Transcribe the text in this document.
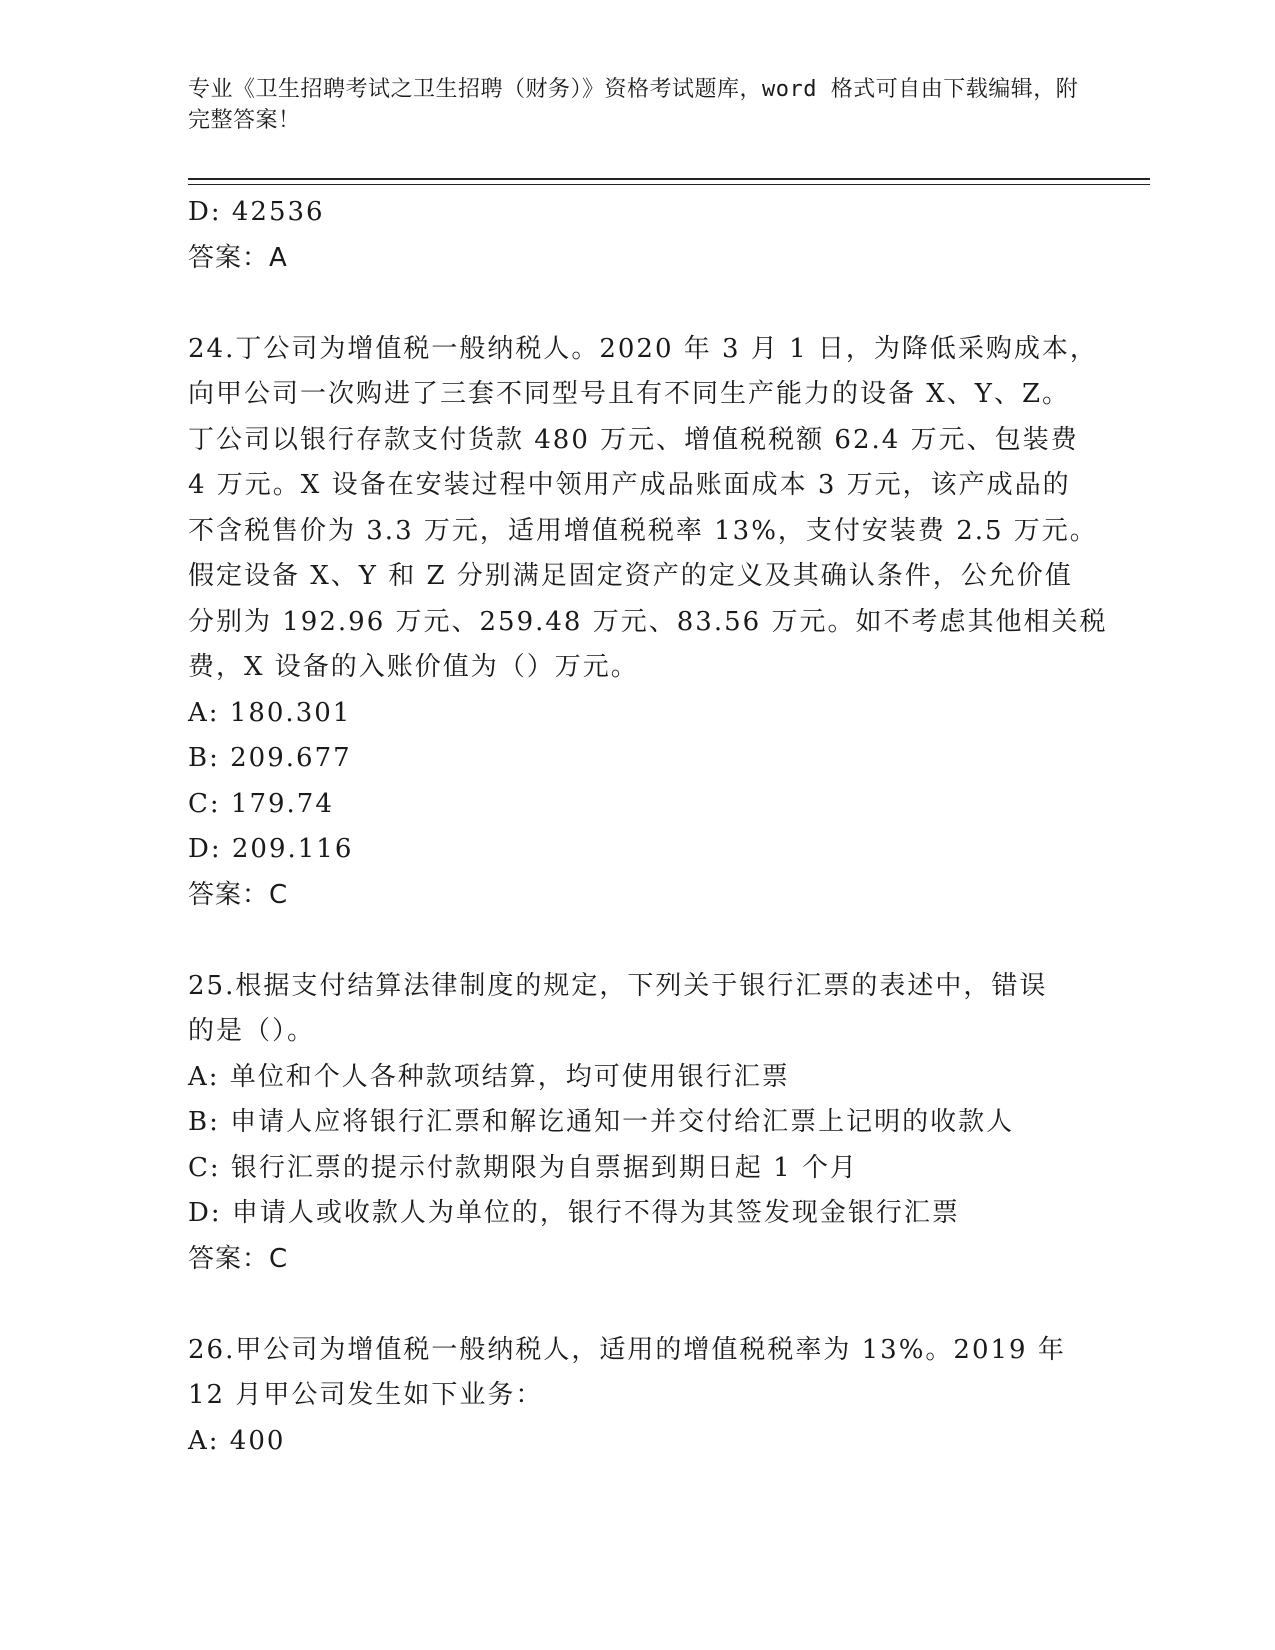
专业《卫生招聘考试之卫生招聘（财务）》资格考试题库，word 格式可自由下载编辑，附完整答案！
D: 42536
答案：A
24.丁公司为增值税一般纳税人。2020 年 3 月 1 日，为降低采购成本，
向甲公司一次购进了三套不同型号且有不同生产能力的设备 X、Y、Z。
丁公司以银行存款支付货款 480 万元、增值税税额 62.4 万元、包装费
4 万元。X 设备在安装过程中领用产成品账面成本 3 万元，该产成品的
不含税售价为 3.3 万元，适用增值税税率 13%，支付安装费 2.5 万元。
假定设备 X、Y 和 Z 分别满足固定资产的定义及其确认条件，公允价值
分别为 192.96 万元、259.48 万元、83.56 万元。如不考虑其他相关税
费，X 设备的入账价值为（）万元。
A: 180.301
B: 209.677
C: 179.74
D: 209.116
答案：C
25.根据支付结算法律制度的规定，下列关于银行汇票的表述中，错误
的是（）。
A: 单位和个人各种款项结算，均可使用银行汇票
B: 申请人应将银行汇票和解讫通知一并交付给汇票上记明的收款人
C: 银行汇票的提示付款期限为自票据到期日起 1 个月
D: 申请人或收款人为单位的，银行不得为其签发现金银行汇票
答案：C
26.甲公司为增值税一般纳税人，适用的增值税税率为 13%。2019 年
12 月甲公司发生如下业务：
A: 400
